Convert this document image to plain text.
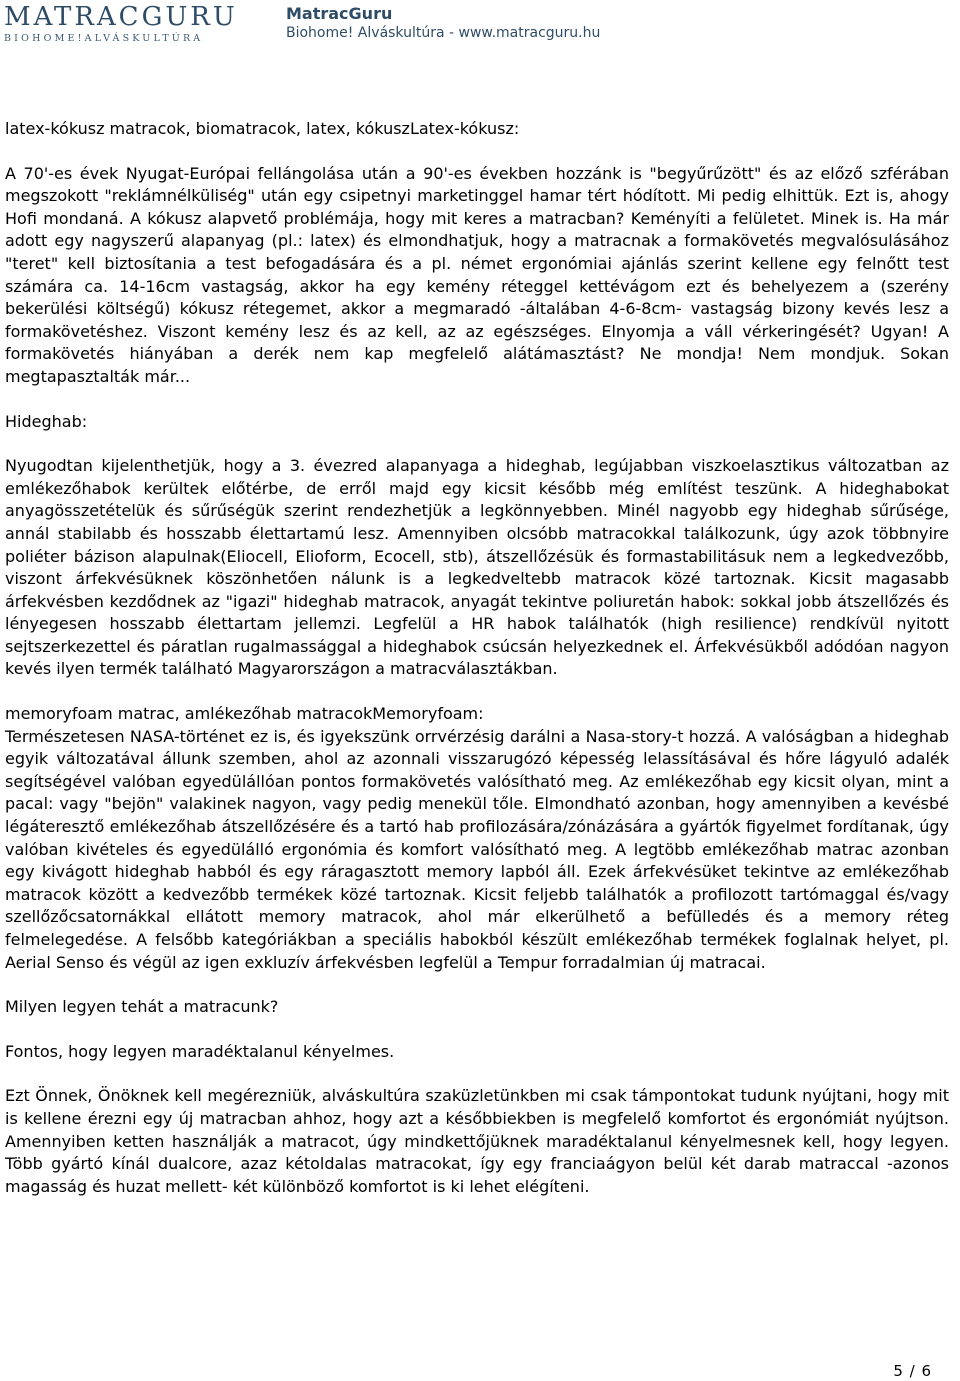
MATRACGURU
BIOHOME!ALVÁSKULTÚRA
MatracGuru
Biohome! Alváskultúra - www.matracguru.hu

latex-kókusz matracok, biomatracok, latex, kókuszLatex-kókusz:

A 70'-es évek Nyugat-Európai fellángolása után a 90'-es években hozzánk is "begyűrűzött" és az előző szférában megszokott "reklámnélküliség" után egy csipetnyi marketinggel hamar tért hódított. Mi pedig elhittük. Ezt is, ahogy Hofi mondaná. A kókusz alapvető problémája, hogy mit keres a matracban? Keményíti a felületet. Minek is. Ha már adott egy nagyszerű alapanyag (pl.: latex) és elmondhatjuk, hogy a matracnak a formakövetés megvalósulásához "teret" kell biztosítania a test befogadására és a pl. német ergonómiai ajánlás szerint kellene egy felnőtt test számára ca. 14-16cm vastagság, akkor ha egy kemény réteggel kettévágom ezt és behelyezem a (szerény bekerülési költségű) kókusz rétegemet, akkor a megmaradó -általában 4-6-8cm- vastagság bizony kevés lesz a formakövetéshez. Viszont kemény lesz és az kell, az az egészséges. Elnyomja a váll vérkeringését? Ugyan! A formakövetés hiányában a derék nem kap megfelelő alátámasztást? Ne mondja! Nem mondjuk. Sokan megtapasztalták már...

Hideghab:

Nyugodtan kijelenthetjük, hogy a 3. évezred alapanyaga a hideghab, legújabban viszkoelasztikus változatban az emlékezőhabok kerültek előtérbe, de erről majd egy kicsit később még említést teszünk. A hideghabokat anyagösszetételük és sűrűségük szerint rendezhetjük a legkönnyebben. Minél nagyobb egy hideghab sűrűsége, annál stabilabb és hosszabb élettartamú lesz. Amennyiben olcsóbb matracokkal találkozunk, úgy azok többnyire poliéter bázison alapulnak(Eliocell, Elioform, Ecocell, stb), átszellőzésük és formastabilitásuk nem a legkedvezőbb, viszont árfekvésüknek köszönhetően nálunk is a legkedveltebb matracok közé tartoznak. Kicsit magasabb árfekvésben kezdődnek az "igazi" hideghab matracok, anyagát tekintve poliuretán habok: sokkal jobb átszellőzés és lényegesen hosszabb élettartam jellemzi. Legfelül a HR habok találhatók (high resilience) rendkívül nyitott sejtszerkezettel és páratlan rugalmassággal a hideghabok csúcsán helyezkednek el. Árfekvésükből adódóan nagyon kevés ilyen termék található Magyarországon a matracválasztákban.

memoryfoam matrac, amlékezőhab matracokMemoryfoam:

Természetesen NASA-történet ez is, és igyekszünk orrvérzésig darálni a Nasa-story-t hozzá. A valóságban a hideghab egyik változatával állunk szemben, ahol az azonnali visszarugózó képesség lelassításával és hőre lágyuló adalék segítségével valóban egyedülállóan pontos formakövetés valósítható meg. Az emlékezőhab egy kicsit olyan, mint a pacal: vagy "bejön" valakinek nagyon, vagy pedig menekül tőle. Elmondható azonban, hogy amennyiben a kevésbé légáteresztő emlékezőhab átszellőzésére és a tartó hab profilozására/zónázására a gyártók figyelmet fordítanak, úgy valóban kivételes és egyedülálló ergonómia és komfort valósítható meg. A legtöbb emlékezőhab matrac azonban egy kivágott hideghab habból és egy ráragasztott memory lapból áll. Ezek árfekvésüket tekintve az emlékezőhab matracok között a kedvezőbb termékek közé tartoznak. Kicsit feljebb találhatók a profilozott tartómaggal és/vagy szellőzőcsatornákkal ellátott memory matracok, ahol már elkerülhető a befülledés és a memory réteg felmelegedése. A felsőbb kategóriákban a speciális habokból készült emlékezőhab termékek foglalnak helyet, pl. Aerial Senso és végül az igen exkluzív árfekvésben legfelül a Tempur forradalmian új matracai.

Milyen legyen tehát a matracunk?

Fontos, hogy legyen maradéktalanul kényelmes.

Ezt Önnek, Önöknek kell megérezniük, alváskultúra szaküzletünkben mi csak támpontokat tudunk nyújtani, hogy mit is kellene érezni egy új matracban ahhoz, hogy azt a későbbiekben is megfelelő komfortot és ergonómiát nyújtson. Amennyiben ketten használják a matracot, úgy mindkettőjüknek maradéktalanul kényelmesnek kell, hogy legyen. Több gyártó kínál dualcore, azaz kétoldalas matracokat, így egy franciaágyon belül két darab matraccal -azonos magasság és huzat mellett- két különböző komfortot is ki lehet elégíteni.

5 / 6
